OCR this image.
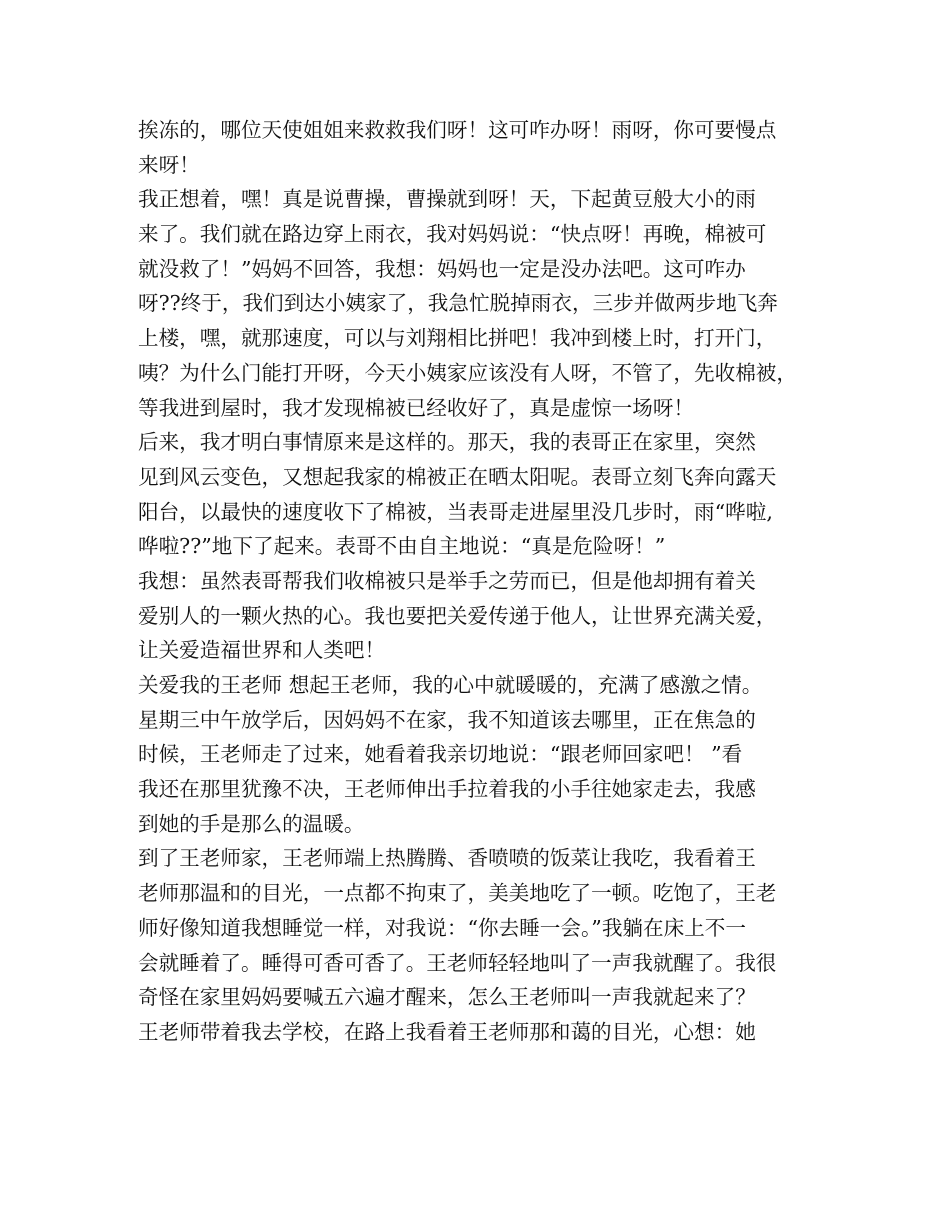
挨冻的，哪位天使姐姐来救救我们呀！这可咋办呀！雨呀，你可要慢点
来呀！
我正想着，嘿！真是说曹操，曹操就到呀！天，下起黄豆般大小的雨
来了。我们就在路边穿上雨衣，我对妈妈说：“快点呀！再晚，棉被可
就没救了！”妈妈不回答，我想：妈妈也一定是没办法吧。这可咋办
呀??终于，我们到达小姨家了，我急忙脱掉雨衣，三步并做两步地飞奔
上楼，嘿，就那速度，可以与刘翔相比拼吧！我冲到楼上时，打开门，
咦？为什么门能打开呀，今天小姨家应该没有人呀，不管了，先收棉被，
等我进到屋时，我才发现棉被已经收好了，真是虚惊一场呀！
后来，我才明白事情原来是这样的。那天，我的表哥正在家里，突然
见到风云变色，又想起我家的棉被正在晒太阳呢。表哥立刻飞奔向露天
阳台，以最快的速度收下了棉被，当表哥走进屋里没几步时，雨“哗啦,
哗啦??”地下了起来。表哥不由自主地说：“真是危险呀！”
我想：虽然表哥帮我们收棉被只是举手之劳而已，但是他却拥有着关
爱别人的一颗火热的心。我也要把关爱传递于他人，让世界充满关爱，
让关爱造福世界和人类吧！
关爱我的王老师 想起王老师，我的心中就暖暖的，充满了感激之情。
星期三中午放学后，因妈妈不在家，我不知道该去哪里，正在焦急的
时候，王老师走了过来，她看着我亲切地说：“跟老师回家吧！ ”看
我还在那里犹豫不决，王老师伸出手拉着我的小手往她家走去，我感
到她的手是那么的温暖。
到了王老师家，王老师端上热腾腾、香喷喷的饭菜让我吃，我看着王
老师那温和的目光，一点都不拘束了，美美地吃了一顿。吃饱了，王老
师好像知道我想睡觉一样，对我说：“你去睡一会。”我躺在床上不一
会就睡着了。睡得可香可香了。王老师轻轻地叫了一声我就醒了。我很
奇怪在家里妈妈要喊五六遍才醒来，怎么王老师叫一声我就起来了？
王老师带着我去学校，在路上我看着王老师那和蔼的目光，心想：她
